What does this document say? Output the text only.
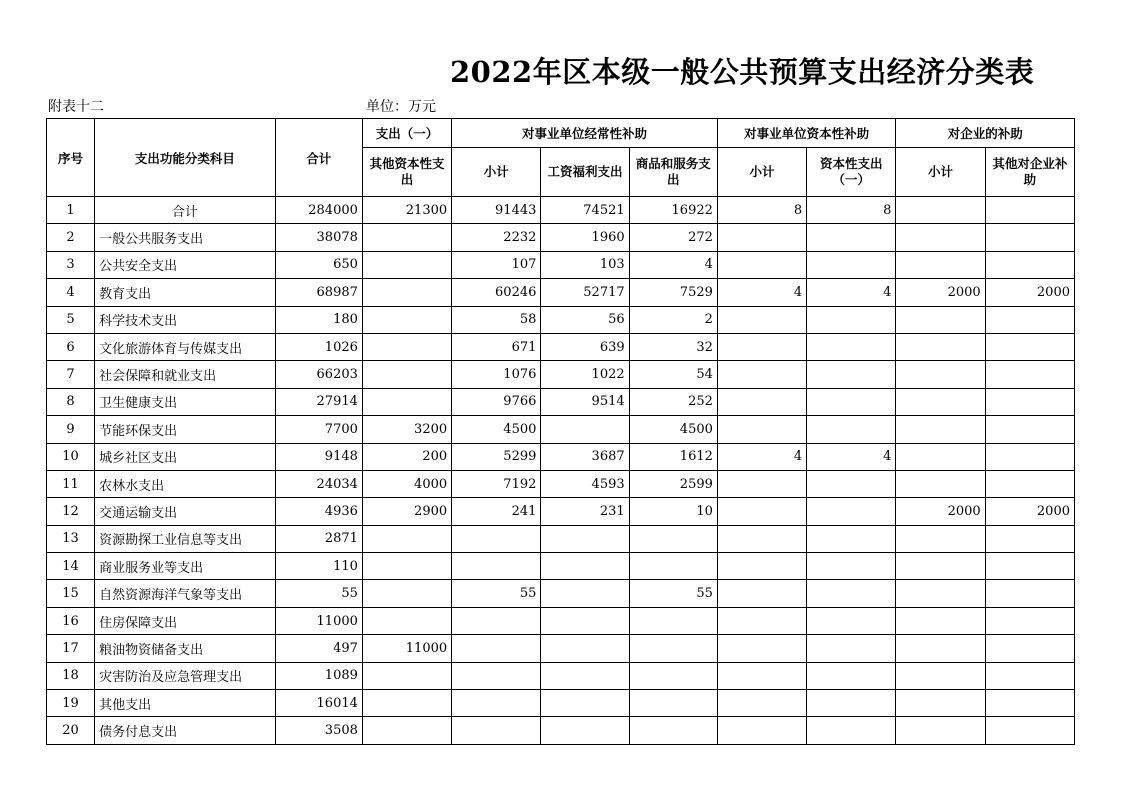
2022年区本级一般公共预算支出经济分类表
附表十二	单位：万元
序号	支出功能分类科目	合计	支出（一）	对事业单位经常性补助			对事业单位资本性补助		对企业的补助	
			其他资本性支出	小计	工资福利支出	商品和服务支出	小计	资本性支出（一）	小计	其他对企业补助
1	合计	284000	21300	91443	74521	16922	8	8		
2	一般公共服务支出	38078		2232	1960	272				
3	公共安全支出	650		107	103	4				
4	教育支出	68987		60246	52717	7529	4	4	2000	2000
5	科学技术支出	180		58	56	2				
6	文化旅游体育与传媒支出	1026		671	639	32				
7	社会保障和就业支出	66203		1076	1022	54				
8	卫生健康支出	27914		9766	9514	252				
9	节能环保支出	7700	3200	4500		4500				
10	城乡社区支出	9148	200	5299	3687	1612	4	4		
11	农林水支出	24034	4000	7192	4593	2599				
12	交通运输支出	4936	2900	241	231	10			2000	2000
13	资源勘探工业信息等支出	2871								
14	商业服务业等支出	110								
15	自然资源海洋气象等支出	55		55		55				
16	住房保障支出	11000								
17	粮油物资储备支出	497	11000							
18	灾害防治及应急管理支出	1089								
19	其他支出	16014								
20	债务付息支出	3508								
